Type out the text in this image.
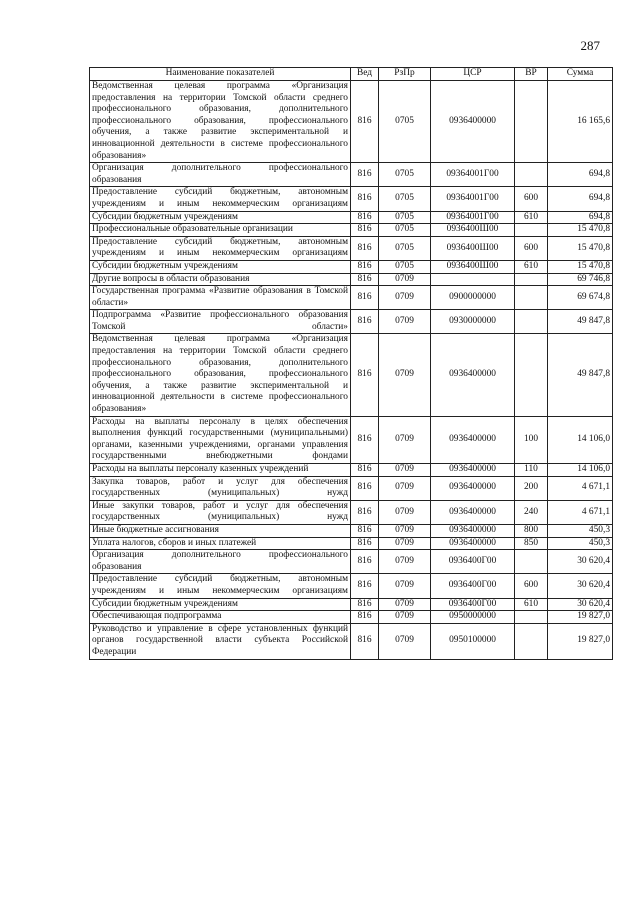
287
Наименование показателей	Вед	РзПр	ЦСР	ВР	Сумма
Ведомственная целевая программа «Организация предоставления на территории Томской области среднего профессионального образования, дополнительного профессионального образования, профессионального обучения, а также развитие экспериментальной и инновационной деятельности в системе профессионального образования»	816	0705	0936400000		16 165,6
Организация дополнительного профессионального образования	816	0705	09364001Г00		694,8
Предоставление субсидий бюджетным, автономным учреждениям и иным некоммерческим организациям	816	0705	09364001Г00	600	694,8
Субсидии бюджетным учреждениям	816	0705	09364001Г00	610	694,8
Профессиональные образовательные организации	816	0705	0936400Ш00		15 470,8
Предоставление субсидий бюджетным, автономным учреждениям и иным некоммерческим организациям	816	0705	0936400Ш00	600	15 470,8
Субсидии бюджетным учреждениям	816	0705	0936400Ш00	610	15 470,8
Другие вопросы в области образования	816	0709			69 746,8
Государственная программа «Развитие образования в Томской области»	816	0709	0900000000		69 674,8
Подпрограмма «Развитие профессионального образования Томской области»	816	0709	0930000000		49 847,8
Ведомственная целевая программа «Организация предоставления на территории Томской области среднего профессионального образования, дополнительного профессионального образования, профессионального обучения, а также развитие экспериментальной и инновационной деятельности в системе профессионального образования»	816	0709	0936400000		49 847,8
Расходы на выплаты персоналу в целях обеспечения выполнения функций государственными (муниципальными) органами, казенными учреждениями, органами управления государственными внебюджетными фондами	816	0709	0936400000	100	14 106,0
Расходы на выплаты персоналу казенных учреждений	816	0709	0936400000	110	14 106,0
Закупка товаров, работ и услуг для обеспечения государственных (муниципальных) нужд	816	0709	0936400000	200	4 671,1
Иные закупки товаров, работ и услуг для обеспечения государственных (муниципальных) нужд	816	0709	0936400000	240	4 671,1
Иные бюджетные ассигнования	816	0709	0936400000	800	450,3
Уплата налогов, сборов и иных платежей	816	0709	0936400000	850	450,3
Организация дополнительного профессионального образования	816	0709	0936400Г00		30 620,4
Предоставление субсидий бюджетным, автономным учреждениям и иным некоммерческим организациям	816	0709	0936400Г00	600	30 620,4
Субсидии бюджетным учреждениям	816	0709	0936400Г00	610	30 620,4
Обеспечивающая подпрограмма	816	0709	0950000000		19 827,0
Руководство и управление в сфере установленных функций органов государственной власти субъекта Российской Федерации	816	0709	0950100000		19 827,0
